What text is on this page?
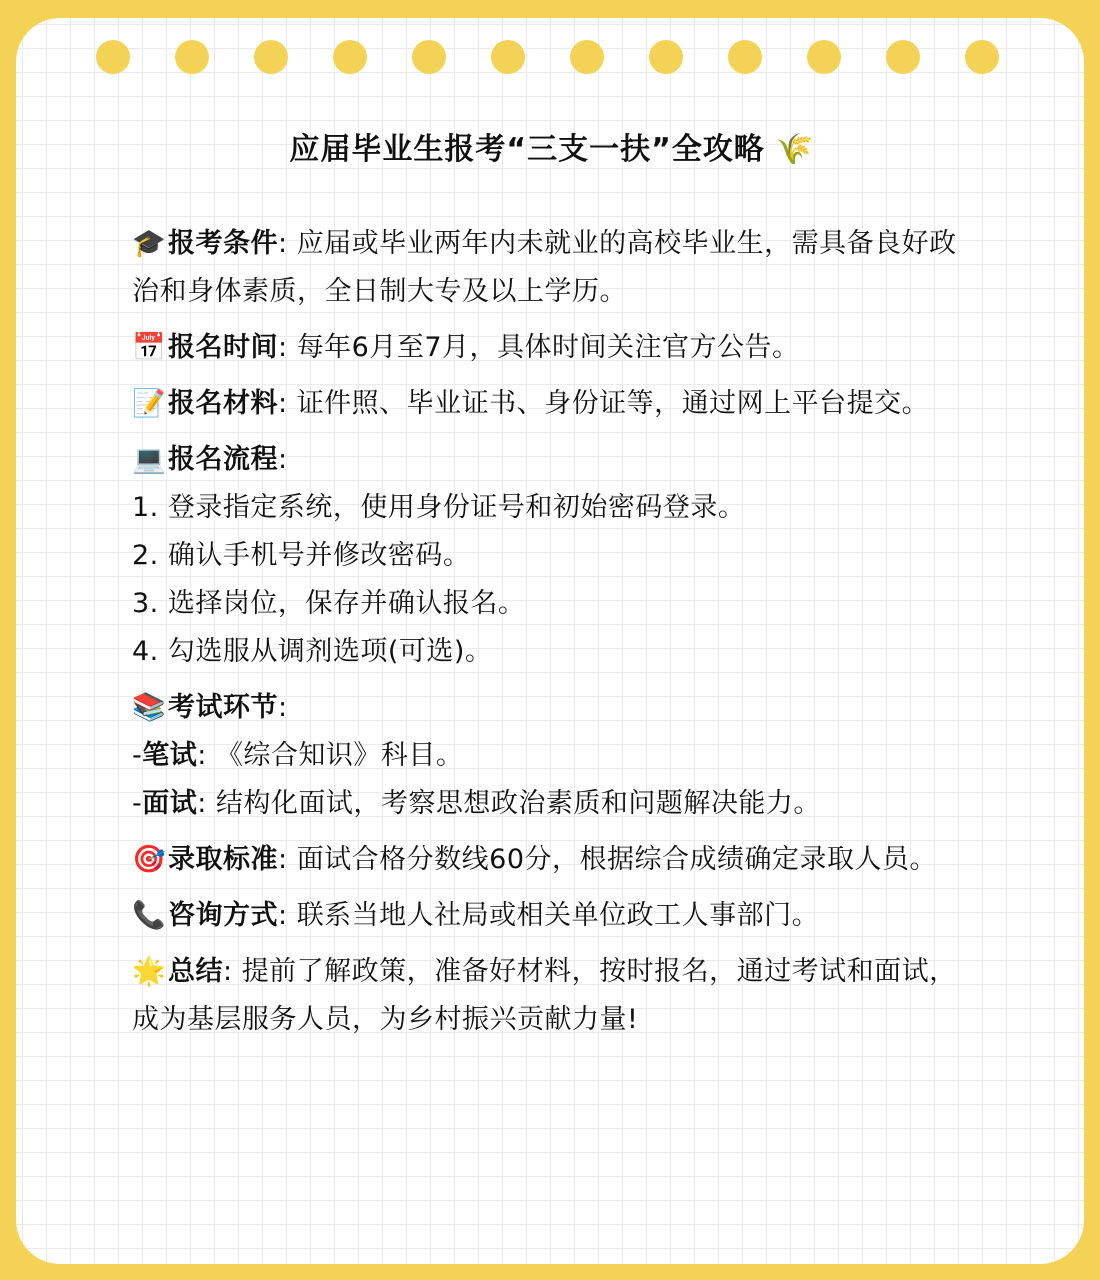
应届毕业生报考“三支一扶”全攻略 🌾
🎓报考条件: 应届或毕业两年内未就业的高校毕业生，需具备良好政治和身体素质，全日制大专及以上学历。
📅报名时间: 每年6月至7月，具体时间关注官方公告。
📝报名材料: 证件照、毕业证书、身份证等，通过网上平台提交。
💻报名流程:
1. 登录指定系统，使用身份证号和初始密码登录。
2. 确认手机号并修改密码。
3. 选择岗位，保存并确认报名。
4. 勾选服从调剂选项(可选)。
📚考试环节:
-笔试: 《综合知识》科目。
-面试: 结构化面试，考察思想政治素质和问题解决能力。
🎯录取标准: 面试合格分数线60分，根据综合成绩确定录取人员。
📞咨询方式: 联系当地人社局或相关单位政工人事部门。
🌟总结: 提前了解政策，准备好材料，按时报名，通过考试和面试，成为基层服务人员，为乡村振兴贡献力量!
